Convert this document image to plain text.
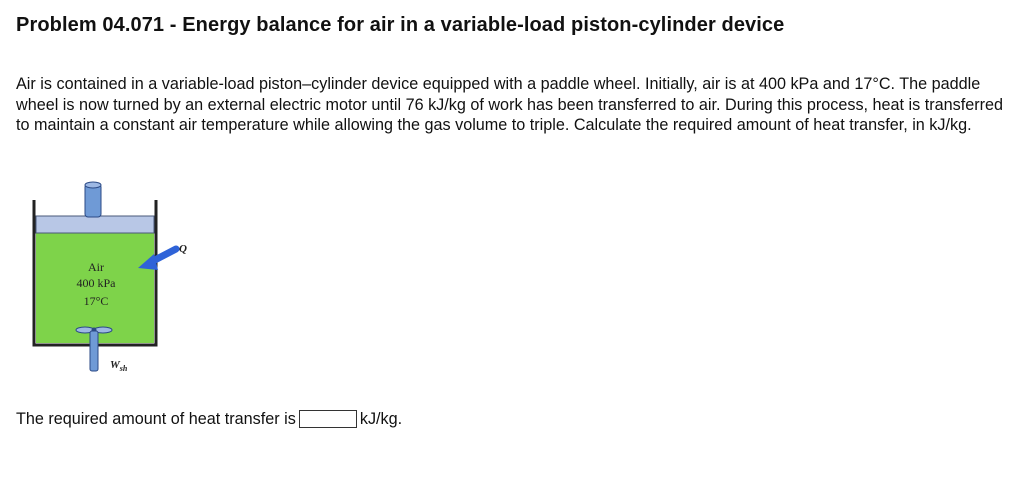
Problem 04.071 - Energy balance for air in a variable-load piston-cylinder device

Air is contained in a variable-load piston–cylinder device equipped with a paddle wheel. Initially, air is at 400 kPa and 17°C. The paddle wheel is now turned by an external electric motor until 76 kJ/kg of work has been transferred to air. During this process, heat is transferred to maintain a constant air temperature while allowing the gas volume to triple. Calculate the required amount of heat transfer, in kJ/kg.

Q
Air
400 kPa
17°C
$W_{sh}$
The required amount of heat transfer is	kJ/kg.
